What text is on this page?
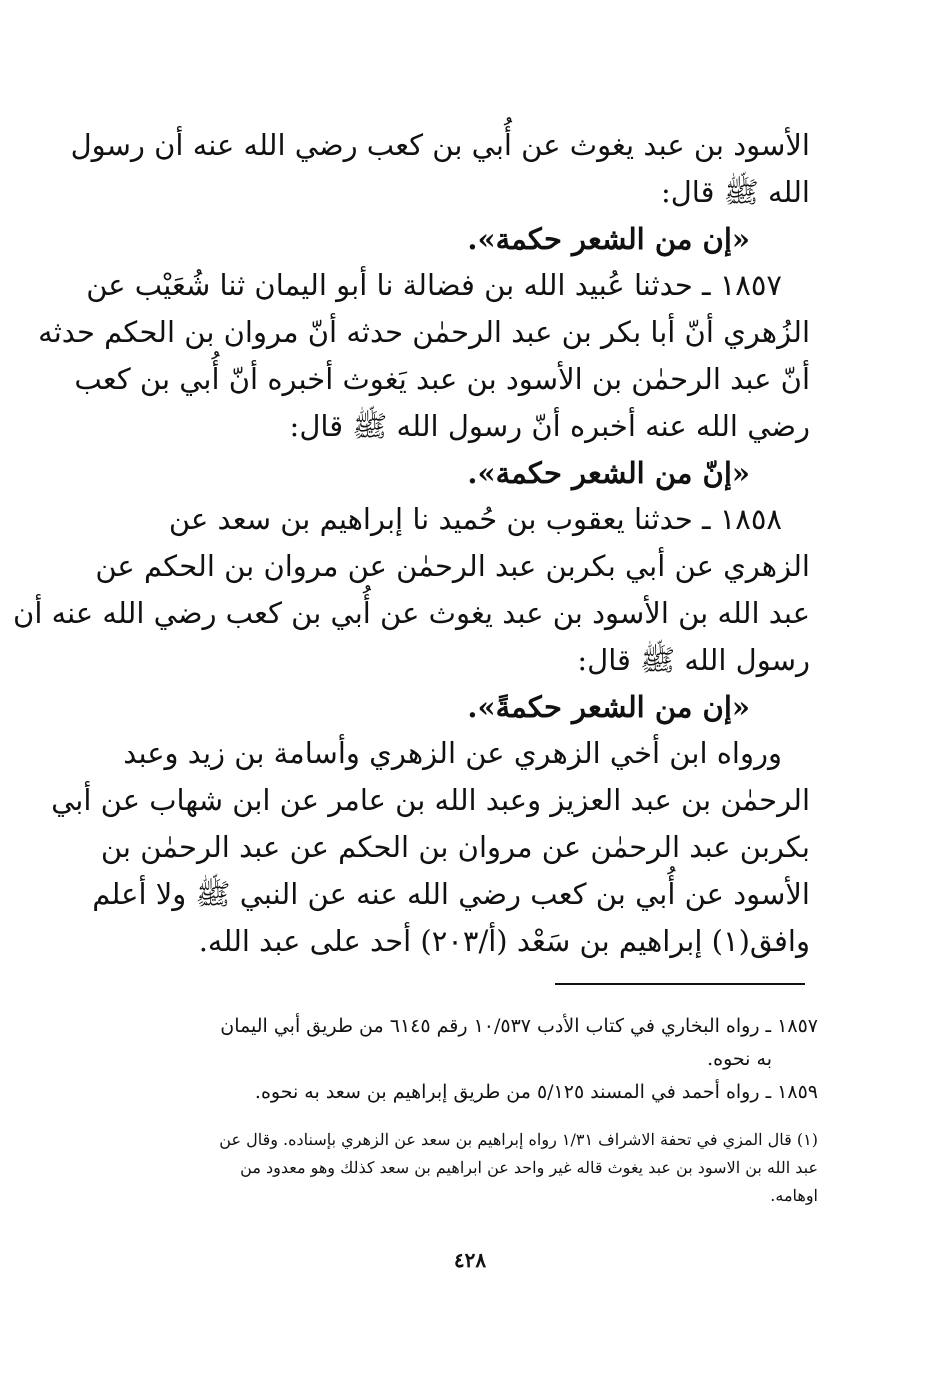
الأسود بن عبد يغوث عن أُبي بن كعب رضي الله عنه أن رسول
الله ﷺ قال:
«إن من الشعر حكمة».
١٨٥٧ ـ حدثنا عُبيد الله بن فضالة نا أبو اليمان ثنا شُعَيْب عن
الزُهري أنّ أبا بكر بن عبد الرحمٰن حدثه أنّ مروان بن الحكم حدثه
أنّ عبد الرحمٰن بن الأسود بن عبد يَغوث أخبره أنّ أُبي بن كعب
رضي الله عنه أخبره أنّ رسول الله ﷺ قال:
«إنّ من الشعر حكمة».
١٨٥٨ ـ حدثنا يعقوب بن حُميد نا إبراهيم بن سعد عن
الزهري عن أبي بكربن عبد الرحمٰن عن مروان بن الحكم عن
عبد الله بن الأسود بن عبد يغوث عن أُبي بن كعب رضي الله عنه أن
رسول الله ﷺ قال:
«إن من الشعر حكمةً».
ورواه ابن أخي الزهري عن الزهري وأسامة بن زيد وعبد
الرحمٰن بن عبد العزيز وعبد الله بن عامر عن ابن شهاب عن أبي
بكربن عبد الرحمٰن عن مروان بن الحكم عن عبد الرحمٰن بن
الأسود عن أُبي بن كعب رضي الله عنه عن النبي ﷺ ولا أعلم
وافق(١) إبراهيم بن سَعْد (أ/٢٠٣) أحد على عبد الله.
١٨٥٧ ـ رواه البخاري في كتاب الأدب ١٠/٥٣٧ رقم ٦١٤٥ من طريق أبي اليمان
به نحوه.
١٨٥٩ ـ رواه أحمد في المسند ٥/١٢٥ من طريق إبراهيم بن سعد به نحوه.
(١) قال المزي في تحفة الاشراف ١/٣١ رواه إبراهيم بن سعد عن الزهري بإسناده. وقال عن
عبد الله بن الاسود بن عبد يغوث قاله غير واحد عن ابراهيم بن سعد كذلك وهو معدود من
اوهامه.
٤٢٨
